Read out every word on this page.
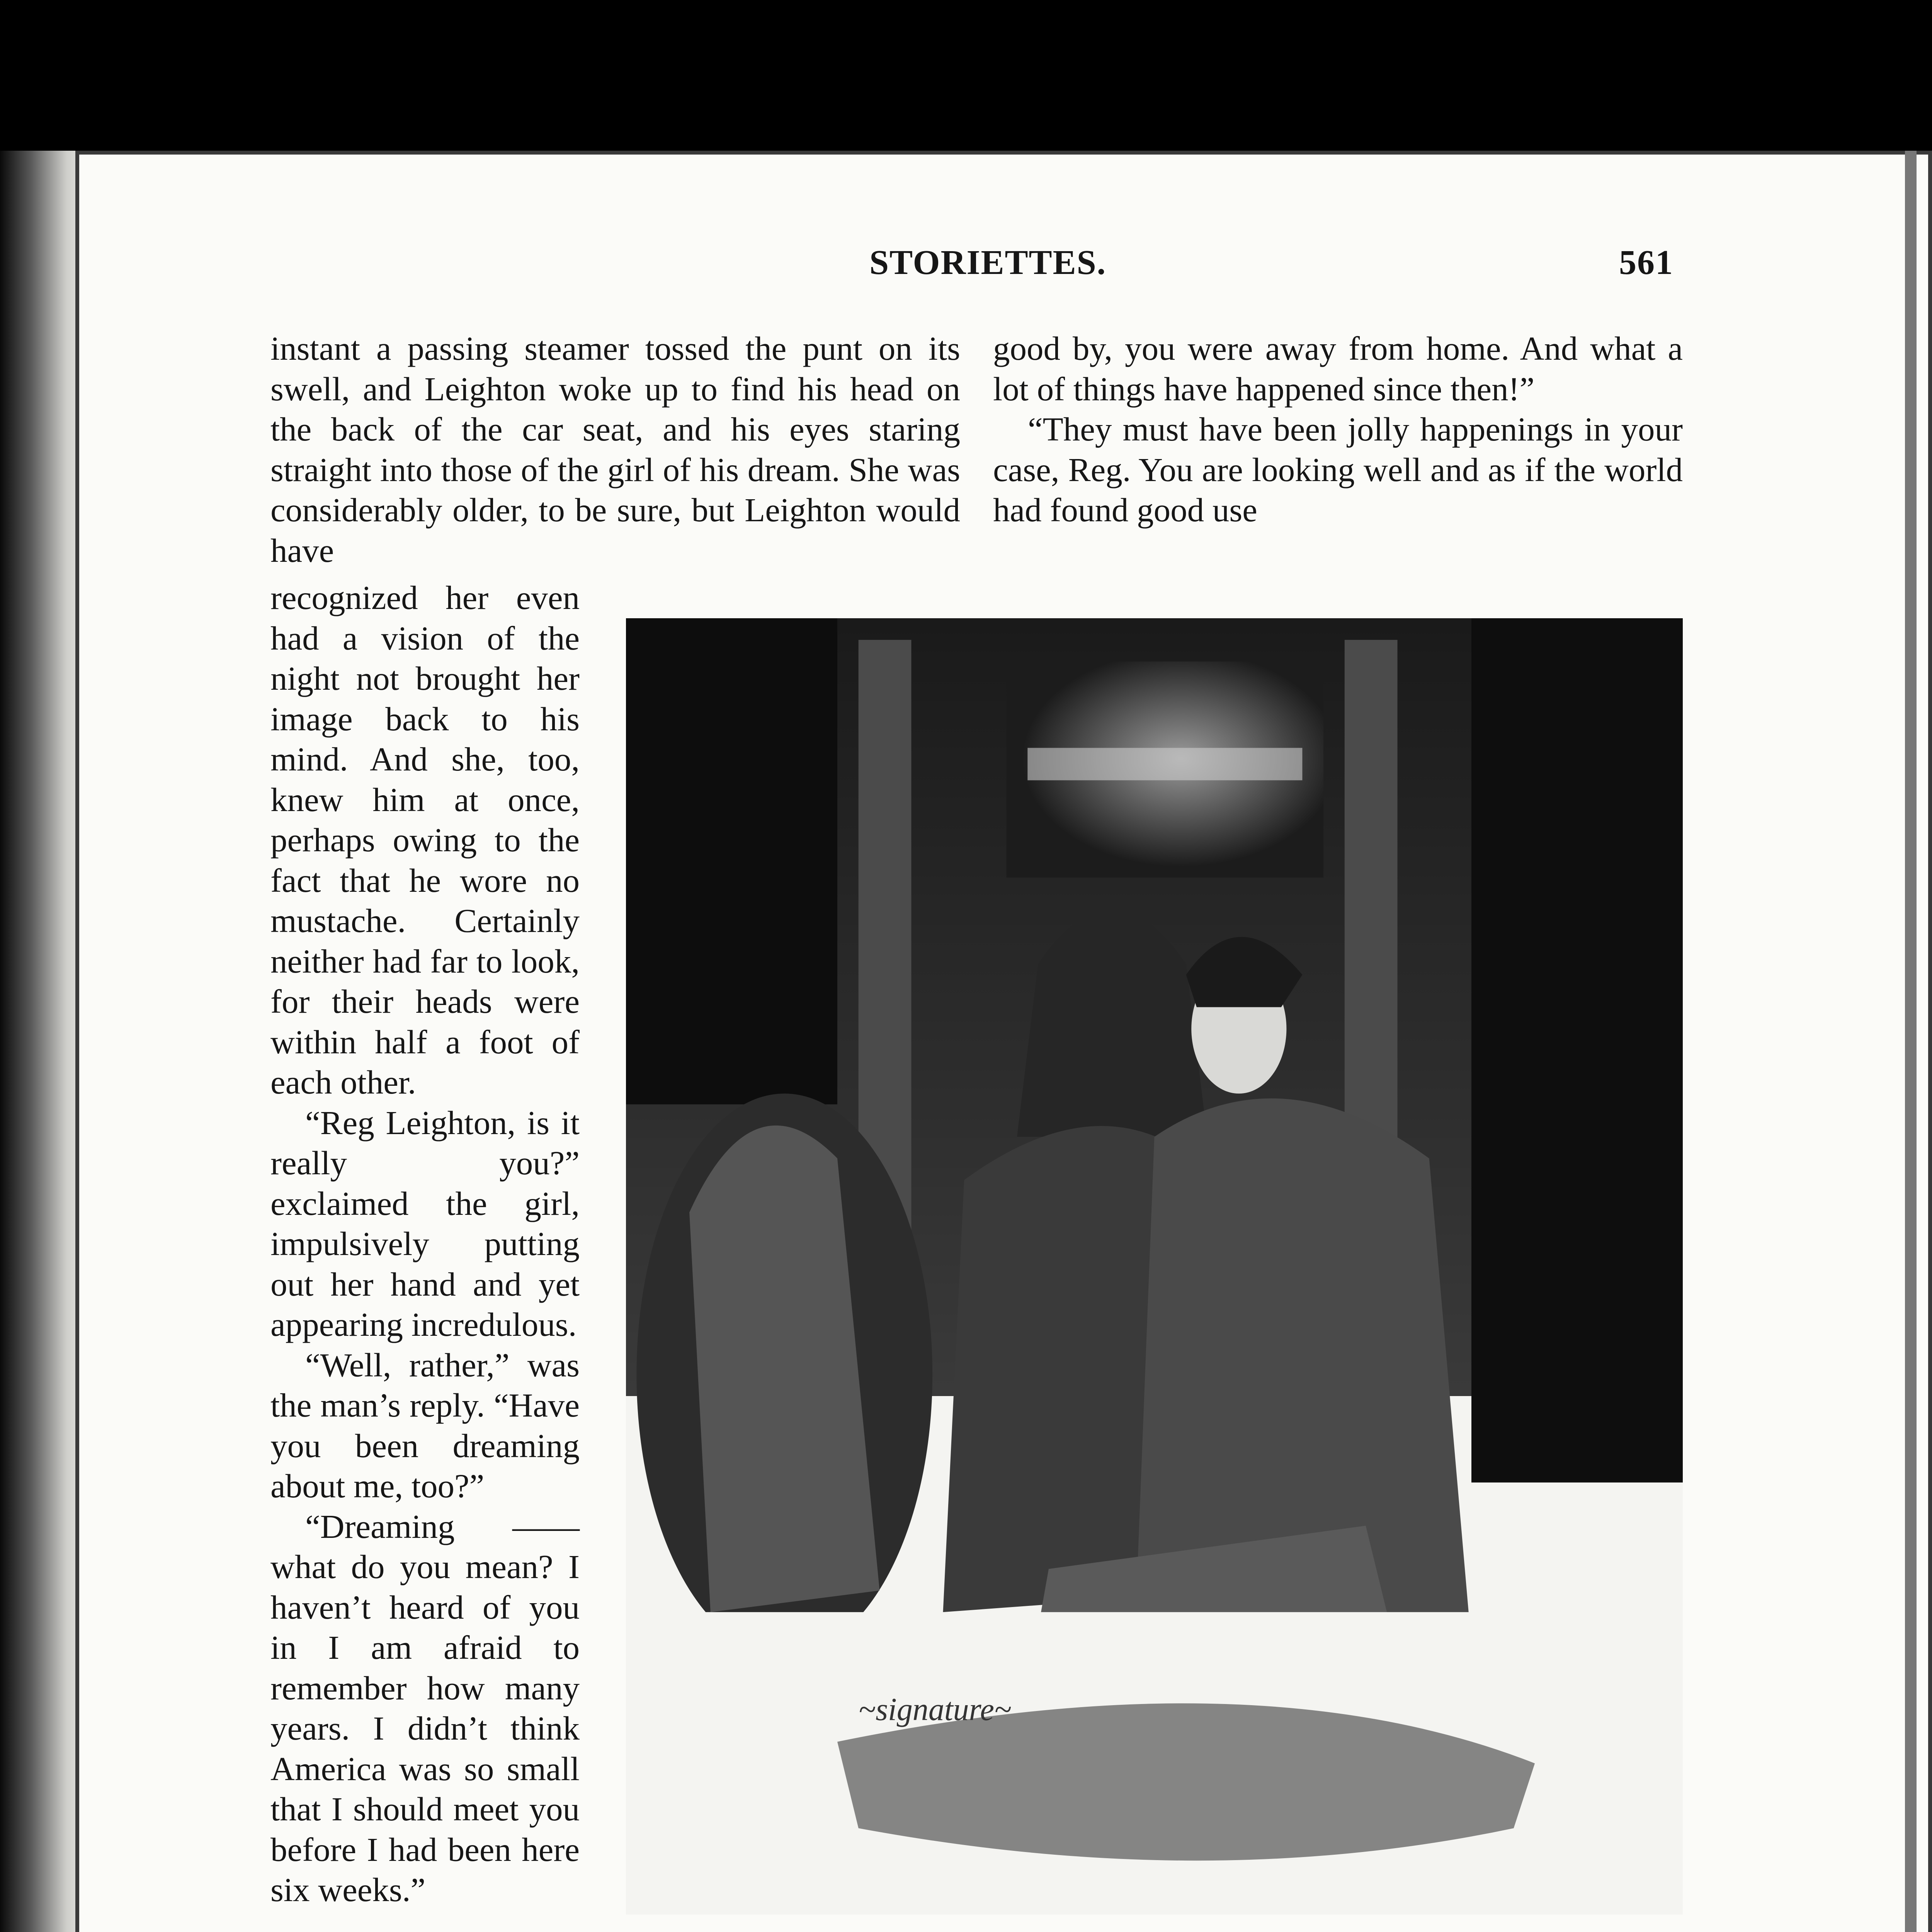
STORIETTES.	561

instant a passing steamer tossed the punt on its swell, and Leighton woke up to find his head on the back of the car seat, and his eyes staring straight into those of the girl of his dream. She was considerably older, to be sure, but Leighton would have

good by, you were away from home. And what a lot of things have happened since then!”

“They must have been jolly happenings in your case, Reg. You are looking well and as if the world had found good use

recognized her even had a vision of the night not brought her image back to his mind. And she, too, knew him at once, perhaps owing to the fact that he wore no mustache. Certainly neither had far to look, for their heads were within half a foot of each other.

“Reg Leighton, is it really you?” exclaimed the girl, impulsively putting out her hand and yet appearing incredulous.

“Well, rather,” was the man’s reply. “Have you been dreaming about me, too?”

“Dreaming —— what do you mean? I haven’t heard of you in I am afraid to remember how many years. I didn’t think America was so small that I should meet you before I had been here six weeks.”

~signature~
